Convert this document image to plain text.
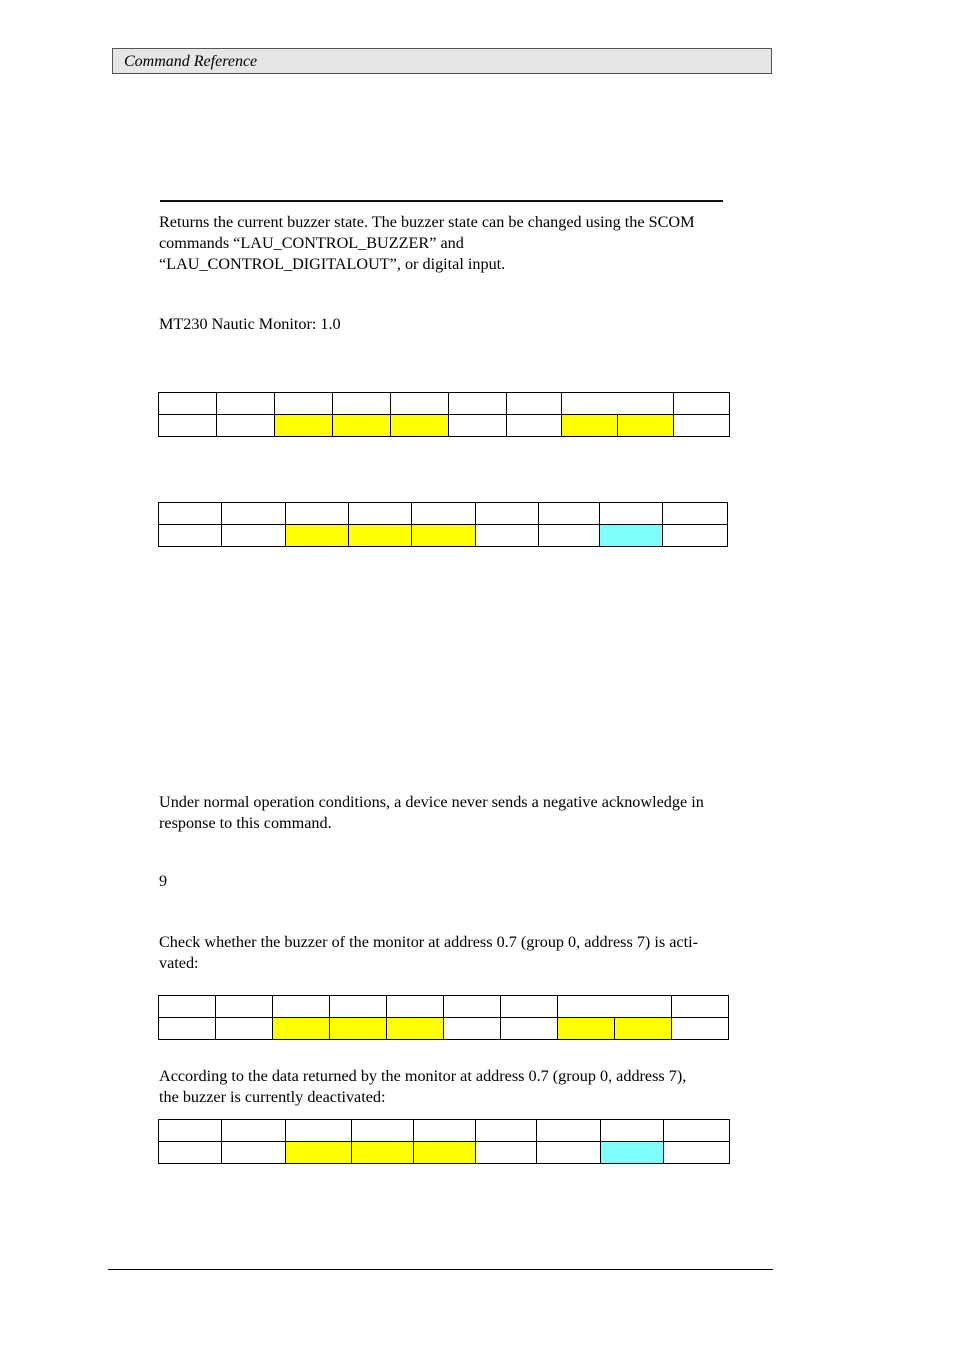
Command Reference
Returns the current buzzer state. The buzzer state can be changed using the SCOM
commands “LAU_CONTROL_BUZZER” and
“LAU_CONTROL_DIGITALOUT”, or digital input.
MT230 Nautic Monitor: 1.0

Under normal operation conditions, a device never sends a negative acknowledge in
response to this command.
9
Check whether the buzzer of the monitor at address 0.7 (group 0, address 7) is acti-
vated:

According to the data returned by the monitor at address 0.7 (group 0, address 7),
the buzzer is currently deactivated:
